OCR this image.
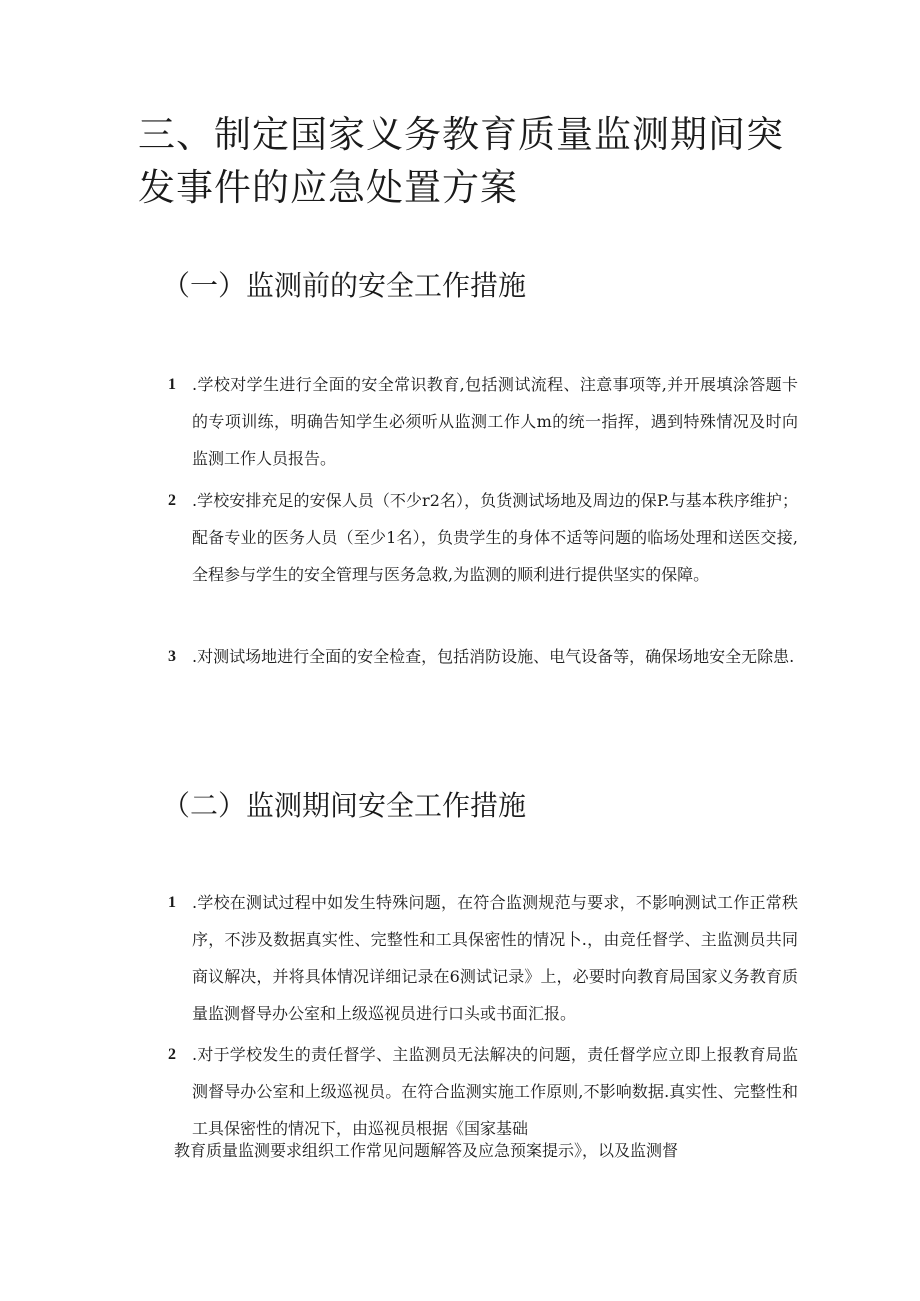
三、制定国家义务教育质量监测期间突发事件的应急处置方案
（一）监测前的安全工作措施
1	.学校对学生进行全面的安全常识教育,包括测试流程、注意事项等,并开展填涂答题卡的专项训练，明确告知学生必须听从监测工作人m的统一指挥，遇到特殊情况及时向监测工作人员报告。
2	.学校安排充足的安保人员（不少r2名），负货测试场地及周边的保P.与基本秩序维护；配备专业的医务人员（至少1名），负贵学生的身体不适等问题的临场处理和送医交接,全程参与学生的安全管理与医务急救,为监测的顺利进行提供坚实的保障。
3	.对测试场地进行全面的安全检查，包括消防设施、电气设备等，确保场地安全无除患.
（二）监测期间安全工作措施
1	.学校在测试过程中如发生特殊问题，在符合监测规范与要求，不影响测试工作正常秩序，不涉及数据真实性、完整性和工具保密性的情况卜.，由竞任督学、主监测员共同商议解决，并将具体情况详细记录在6测试记录》上，必要时向教育局国家义务教育质量监测督导办公室和上级巡视员进行口头或书面汇报。
2	.对于学校发生的责任督学、主监测员无法解决的问题，责任督学应立即上报教育局监测督导办公室和上级巡视员。在符合监测实施工作原则,不影响数据.真实性、完整性和工具保密性的情况下，由巡视员根据《国家基础
教育质量监测要求组织工作常见问题解答及应急预案提示》，以及监测督
